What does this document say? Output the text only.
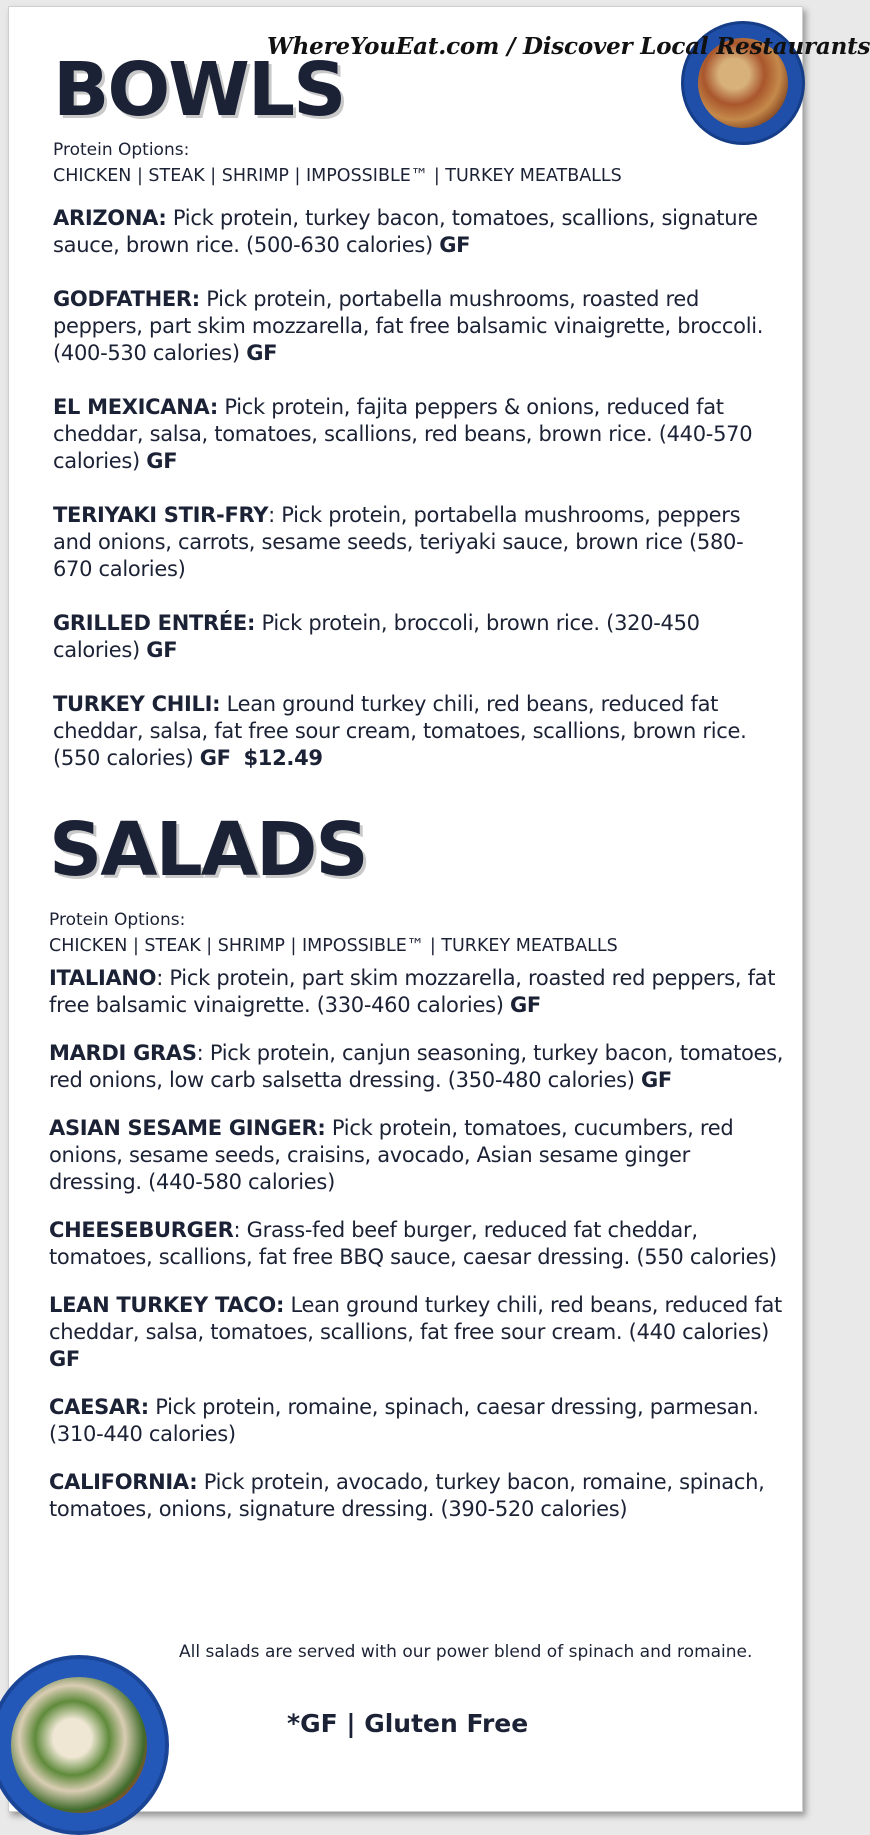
WhereYouEat.com / Discover Local Restaurants
BOWLS
Protein Options:
CHICKEN | STEAK | SHRIMP | IMPOSSIBLE™ | TURKEY MEATBALLS
ARIZONA: Pick protein, turkey bacon, tomatoes, scallions, signature sauce, brown rice. (500-630 calories) GF
GODFATHER: Pick protein, portabella mushrooms, roasted red peppers, part skim mozzarella, fat free balsamic vinaigrette, broccoli. (400-530 calories) GF
EL MEXICANA: Pick protein, fajita peppers & onions, reduced fat cheddar, salsa, tomatoes, scallions, red beans, brown rice. (440-570 calories) GF
TERIYAKI STIR-FRY: Pick protein, portabella mushrooms, peppers and onions, carrots, sesame seeds, teriyaki sauce, brown rice (580-670 calories)
GRILLED ENTRÉE: Pick protein, broccoli, brown rice. (320-450 calories) GF
TURKEY CHILI: Lean ground turkey chili, red beans, reduced fat cheddar, salsa, fat free sour cream, tomatoes, scallions, brown rice. (550 calories) GF $12.49
SALADS
Protein Options:
CHICKEN | STEAK | SHRIMP | IMPOSSIBLE™ | TURKEY MEATBALLS
ITALIANO: Pick protein, part skim mozzarella, roasted red peppers, fat free balsamic vinaigrette. (330-460 calories) GF
MARDI GRAS: Pick protein, canjun seasoning, turkey bacon, tomatoes, red onions, low carb salsetta dressing. (350-480 calories) GF
ASIAN SESAME GINGER: Pick protein, tomatoes, cucumbers, red onions, sesame seeds, craisins, avocado, Asian sesame ginger dressing. (440-580 calories)
CHEESEBURGER: Grass-fed beef burger, reduced fat cheddar, tomatoes, scallions, fat free BBQ sauce, caesar dressing. (550 calories)
LEAN TURKEY TACO: Lean ground turkey chili, red beans, reduced fat cheddar, salsa, tomatoes, scallions, fat free sour cream. (440 calories) GF
CAESAR: Pick protein, romaine, spinach, caesar dressing, parmesan. (310-440 calories)
CALIFORNIA: Pick protein, avocado, turkey bacon, romaine, spinach, tomatoes, onions, signature dressing. (390-520 calories)
All salads are served with our power blend of spinach and romaine.
*GF | Gluten Free
